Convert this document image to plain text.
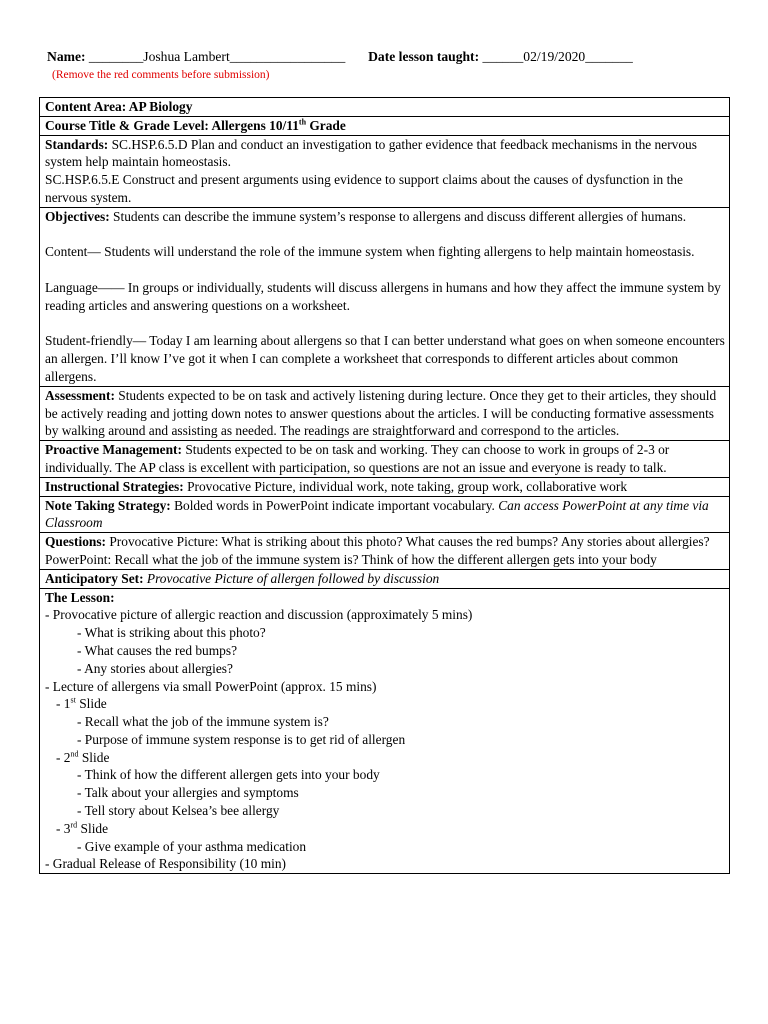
Name: ________Joshua Lambert_________________ Date lesson taught: ______02/19/2020_______
(Remove the red comments before submission)
Content Area: AP Biology
Course Title & Grade Level: Allergens 10/11th Grade

Standards: SC.HSP.6.5.D Plan and conduct an investigation to gather evidence that feedback mechanisms in the nervous system help maintain homeostasis.

SC.HSP.6.5.E Construct and present arguments using evidence to support claims about the causes of dysfunction in the nervous system.

Objectives: Students can describe the immune system’s response to allergens and discuss different allergies of humans.

Content— Students will understand the role of the immune system when fighting allergens to help maintain homeostasis.

Language—— In groups or individually, students will discuss allergens in humans and how they affect the immune system by reading articles and answering questions on a worksheet.

Student-friendly— Today I am learning about allergens so that I can better understand what goes on when someone encounters an allergen. I’ll know I’ve got it when I can complete a worksheet that corresponds to different articles about common allergens.

Assessment: Students expected to be on task and actively listening during lecture. Once they get to their articles, they should be actively reading and jotting down notes to answer questions about the articles. I will be conducting formative assessments by walking around and assisting as needed. The readings are straightforward and correspond to the articles.

Proactive Management: Students expected to be on task and working. They can choose to work in groups of 2-3 or individually. The AP class is excellent with participation, so questions are not an issue and everyone is ready to talk.

Instructional Strategies: Provocative Picture, individual work, note taking, group work, collaborative work

Note Taking Strategy: Bolded words in PowerPoint indicate important vocabulary. Can access PowerPoint at any time via Classroom

Questions: Provocative Picture: What is striking about this photo? What causes the red bumps? Any stories about allergies?

PowerPoint: Recall what the job of the immune system is? Think of how the different allergen gets into your body

Anticipatory Set: Provocative Picture of allergen followed by discussion

The Lesson:

- Provocative picture of allergic reaction and discussion (approximately 5 mins)

- What is striking about this photo?

- What causes the red bumps?

- Any stories about allergies?

- Lecture of allergens via small PowerPoint (approx. 15 mins)

- 1st Slide

- Recall what the job of the immune system is?

- Purpose of immune system response is to get rid of allergen

- 2nd Slide

- Think of how the different allergen gets into your body

- Talk about your allergies and symptoms

- Tell story about Kelsea’s bee allergy

- 3rd Slide

- Give example of your asthma medication

- Gradual Release of Responsibility (10 min)
